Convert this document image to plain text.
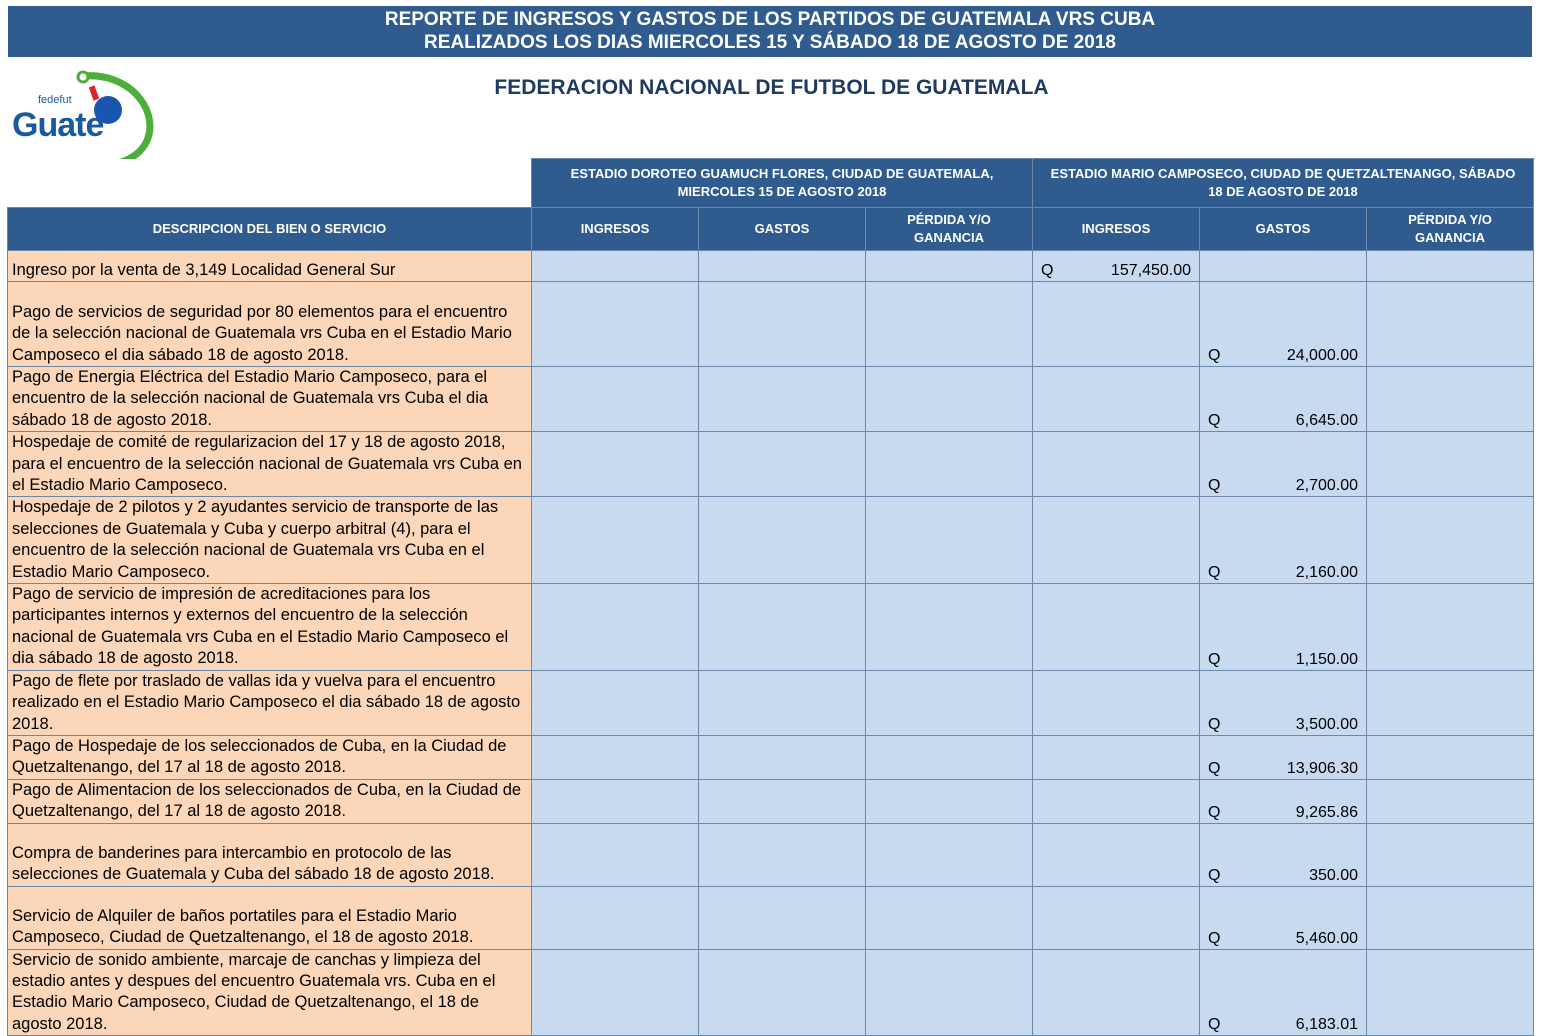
REPORTE DE INGRESOS Y GASTOS DE LOS PARTIDOS DE GUATEMALA VRS CUBA
REALIZADOS LOS DIAS MIERCOLES 15 Y SÁBADO 18 DE AGOSTO DE 2018
fedefut
Guate
FEDERACION NACIONAL DE FUTBOL DE GUATEMALA
	ESTADIO DOROTEO GUAMUCH FLORES, CIUDAD DE GUATEMALA, MIERCOLES 15 DE AGOSTO 2018			ESTADIO MARIO CAMPOSECO, CIUDAD DE QUETZALTENANGO, SÁBADO 18 DE AGOSTO DE 2018		
DESCRIPCION DEL BIEN O SERVICIO	INGRESOS	GASTOS	PÉRDIDA Y/O GANANCIA	INGRESOS	GASTOS	PÉRDIDA Y/O GANANCIA
Ingreso por la venta de 3,149 Localidad General Sur				Q 157,450.00		

Pago de servicios de seguridad por 80 elementos para el encuentro de la selección nacional de Guatemala vrs Cuba en el Estadio Mario Camposeco el dia sábado 18 de agosto 2018.					Q 24,000.00	

Pago de Energia Eléctrica del Estadio Mario Camposeco, para el encuentro de la selección nacional de Guatemala vrs Cuba el dia sábado 18 de agosto 2018.					Q 6,645.00	

Hospedaje de comité de regularizacion del 17 y 18 de agosto 2018, para el encuentro de la selección nacional de Guatemala vrs Cuba en el Estadio Mario Camposeco.					Q 2,700.00	

Hospedaje de 2 pilotos y 2 ayudantes servicio de transporte de las selecciones de Guatemala y Cuba y cuerpo arbitral (4), para el encuentro de la selección nacional de Guatemala vrs Cuba en el Estadio Mario Camposeco.					Q 2,160.00	

Pago de servicio de impresión de acreditaciones para los participantes internos y externos del encuentro de la selección nacional de Guatemala vrs Cuba en el Estadio Mario Camposeco el dia sábado 18 de agosto 2018.					Q 1,150.00	

Pago de flete por traslado de vallas ida y vuelva para el encuentro realizado en el Estadio Mario Camposeco el dia sábado 18 de agosto 2018.					Q 3,500.00	

Pago de Hospedaje de los seleccionados de Cuba, en la Ciudad de Quetzaltenango, del 17 al 18 de agosto 2018.					Q 13,906.30	

Pago de Alimentacion de los seleccionados de Cuba, en la Ciudad de Quetzaltenango, del 17 al 18 de agosto 2018.					Q 9,265.86	

Compra de banderines para intercambio en protocolo de las selecciones de Guatemala y Cuba del sábado 18 de agosto 2018.					Q 350.00	

Servicio de Alquiler de baños portatiles para el Estadio Mario Camposeco, Ciudad de Quetzaltenango, el 18 de agosto 2018.					Q 5,460.00	

Servicio de sonido ambiente, marcaje de canchas y limpieza del estadio antes y despues del encuentro Guatemala vrs. Cuba en el Estadio Mario Camposeco, Ciudad de Quetzaltenango, el 18 de agosto 2018.					Q 6,183.01	
